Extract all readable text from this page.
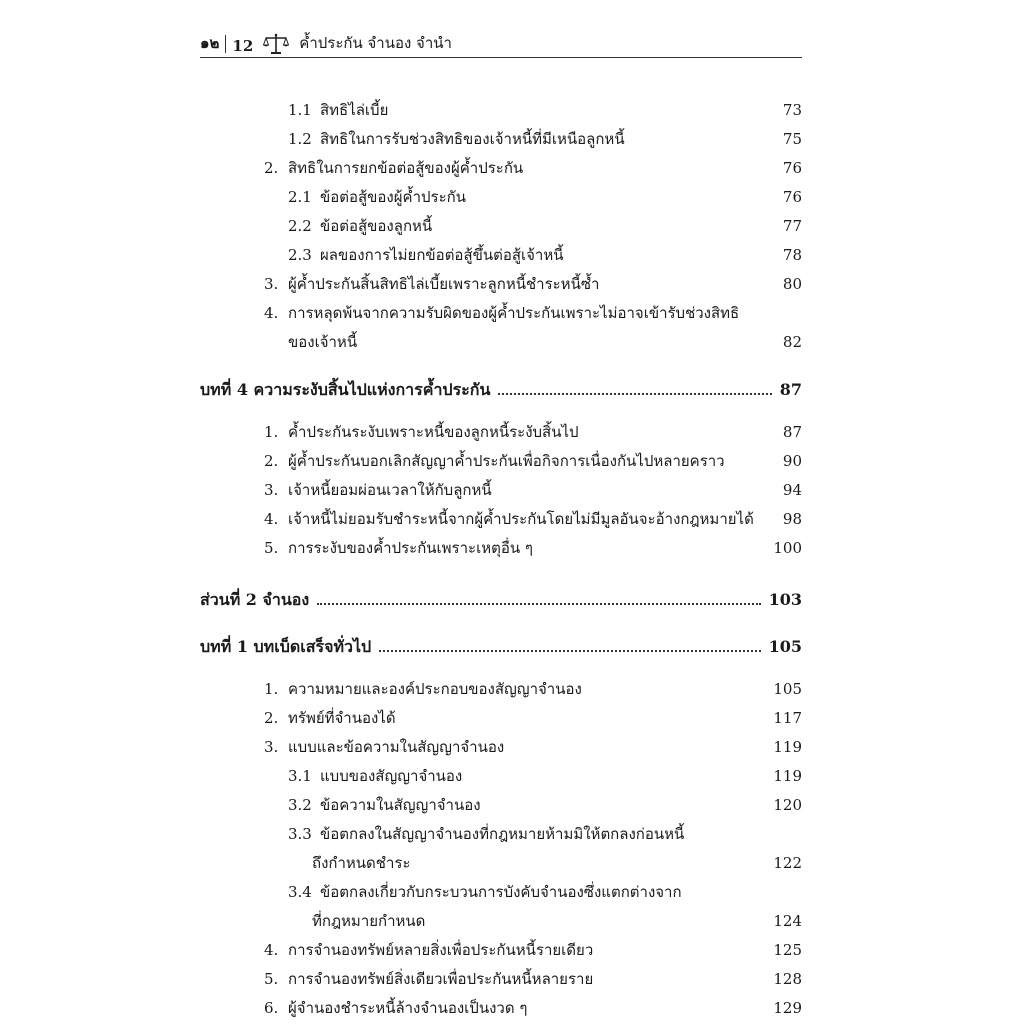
๑๒ 12	ค้ำประกัน จำนอง จำนำ
1.1 สิทธิไล่เบี้ย	73
1.2 สิทธิในการรับช่วงสิทธิของเจ้าหนี้ที่มีเหนือลูกหนี้	75
2. สิทธิในการยกข้อต่อสู้ของผู้ค้ำประกัน	76
2.1 ข้อต่อสู้ของผู้ค้ำประกัน	76
2.2 ข้อต่อสู้ของลูกหนี้	77
2.3 ผลของการไม่ยกข้อต่อสู้ขึ้นต่อสู้เจ้าหนี้	78
3. ผู้ค้ำประกันสิ้นสิทธิไล่เบี้ยเพราะลูกหนี้ชำระหนี้ซ้ำ	80
4. การหลุดพ้นจากความรับผิดของผู้ค้ำประกันเพราะไม่อาจเข้ารับช่วงสิทธิ
ของเจ้าหนี้	82
บทที่ 4 ความระงับสิ้นไปแห่งการค้ำประกัน	87
1. ค้ำประกันระงับเพราะหนี้ของลูกหนี้ระงับสิ้นไป	87
2. ผู้ค้ำประกันบอกเลิกสัญญาค้ำประกันเพื่อกิจการเนื่องกันไปหลายคราว	90
3. เจ้าหนี้ยอมผ่อนเวลาให้กับลูกหนี้	94
4. เจ้าหนี้ไม่ยอมรับชำระหนี้จากผู้ค้ำประกันโดยไม่มีมูลอันจะอ้างกฎหมายได้ 98
5. การระงับของค้ำประกันเพราะเหตุอื่น ๆ	100
ส่วนที่ 2 จำนอง	103
บทที่ 1 บทเบ็ดเสร็จทั่วไป	105
1. ความหมายและองค์ประกอบของสัญญาจำนอง	105
2. ทรัพย์ที่จำนองได้	117
3. แบบและข้อความในสัญญาจำนอง	119
3.1 แบบของสัญญาจำนอง	119
3.2 ข้อความในสัญญาจำนอง	120
3.3 ข้อตกลงในสัญญาจำนองที่กฎหมายห้ามมิให้ตกลงก่อนหนี้
ถึงกำหนดชำระ	122
3.4 ข้อตกลงเกี่ยวกับกระบวนการบังคับจำนองซึ่งแตกต่างจาก
ที่กฎหมายกำหนด	124
4. การจำนองทรัพย์หลายสิ่งเพื่อประกันหนี้รายเดียว	125
5. การจำนองทรัพย์สิ่งเดียวเพื่อประกันหนี้หลายราย	128
6. ผู้จำนองชำระหนี้ล้างจำนองเป็นงวด ๆ	129
